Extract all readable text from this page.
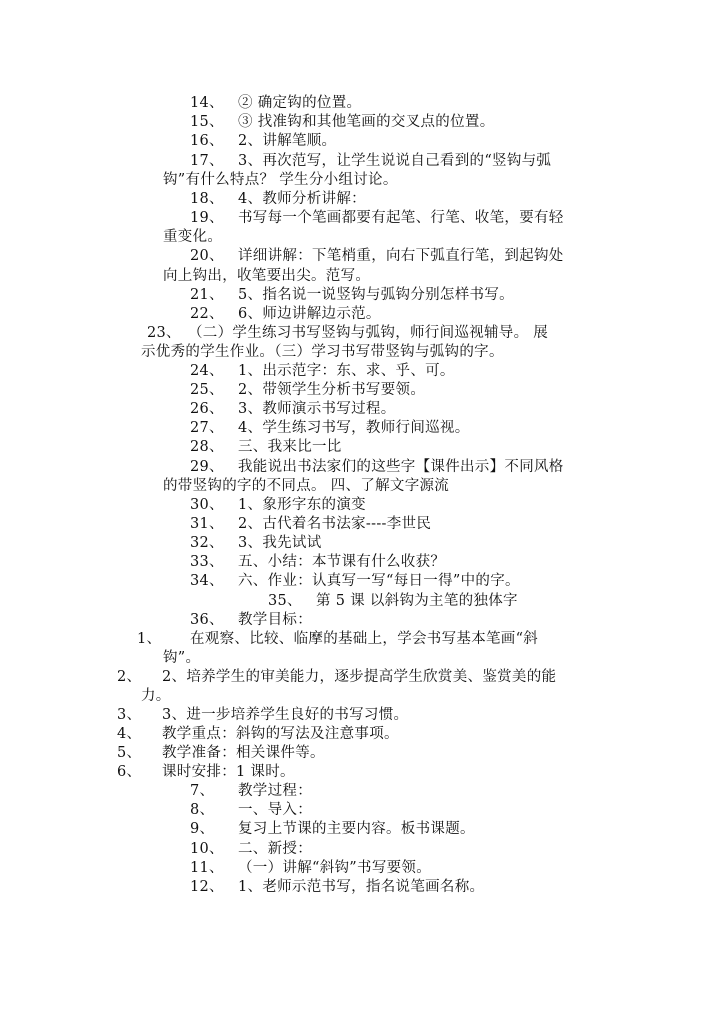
14、 ② 确定钩的位置。
15、 ③ 找准钩和其他笔画的交叉点的位置。
16、 2、讲解笔顺。
17、 3、再次范写，让学生说说自己看到的“竖钩与弧
钩”有什么特点？ 学生分小组讨论。
18、 4、教师分析讲解：
19、 书写每一个笔画都要有起笔、行笔、收笔，要有轻
重变化。
20、 详细讲解：下笔梢重，向右下弧直行笔，到起钩处
向上钩出，收笔要出尖。范写。
21、 5、指名说一说竖钩与弧钩分别怎样书写。
22、 6、师边讲解边示范。
23、 （二）学生练习书写竖钩与弧钩，师行间巡视辅导。 展
示优秀的学生作业。（三）学习书写带竖钩与弧钩的字。
24、 1、出示范字：东、求、乎、可。
25、 2、带领学生分析书写要领。
26、 3、教师演示书写过程。
27、 4、学生练习书写，教师行间巡视。
28、 三、我来比一比
29、 我能说出书法家们的这些字【课件出示】不同风格
的带竖钩的字的不同点。 四、了解文字源流
30、 1、象形字东的演变
31、 2、古代着名书法家----李世民
32、 3、我先试试
33、 五、小结：本节课有什么收获？
34、 六、作业：认真写一写“每日一得”中的字。
35、 第 5 课 以斜钩为主笔的独体字
36、 教学目标：
1、 在观察、比较、临摩的基础上，学会书写基本笔画“斜
钩”。
2、 2、培养学生的审美能力，逐步提高学生欣赏美、鉴赏美的能
力。
3、 3、进一步培养学生良好的书写习惯。
4、 教学重点：斜钩的写法及注意事项。
5、 教学准备：相关课件等。
6、 课时安排：1 课时。
7、 教学过程：
8、 一、导入：
9、 复习上节课的主要内容。板书课题。
10、 二、新授：
11、 （一）讲解“斜钩”书写要领。
12、 1、老师示范书写，指名说笔画名称。
